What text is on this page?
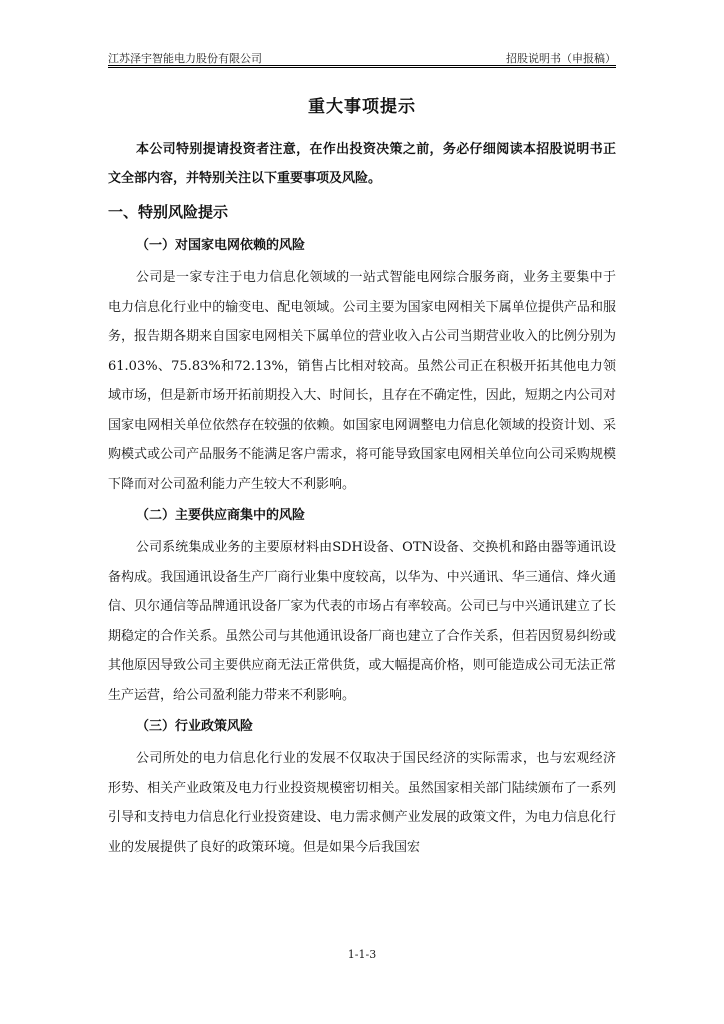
江苏泽宇智能电力股份有限公司	招股说明书（申报稿）
重大事项提示

本公司特别提请投资者注意，在作出投资决策之前，务必仔细阅读本招股说明书正文全部内容，并特别关注以下重要事项及风险。

一、特别风险提示
（一）对国家电网依赖的风险

公司是一家专注于电力信息化领域的一站式智能电网综合服务商，业务主要集中于电力信息化行业中的输变电、配电领域。公司主要为国家电网相关下属单位提供产品和服务，报告期各期来自国家电网相关下属单位的营业收入占公司当期营业收入的比例分别为61.03%、75.83%和72.13%，销售占比相对较高。虽然公司正在积极开拓其他电力领域市场，但是新市场开拓前期投入大、时间长，且存在不确定性，因此，短期之内公司对国家电网相关单位依然存在较强的依赖。如国家电网调整电力信息化领域的投资计划、采购模式或公司产品服务不能满足客户需求，将可能导致国家电网相关单位向公司采购规模下降而对公司盈利能力产生较大不利影响。

（二）主要供应商集中的风险

公司系统集成业务的主要原材料由SDH设备、OTN设备、交换机和路由器等通讯设备构成。我国通讯设备生产厂商行业集中度较高，以华为、中兴通讯、华三通信、烽火通信、贝尔通信等品牌通讯设备厂家为代表的市场占有率较高。公司已与中兴通讯建立了长期稳定的合作关系。虽然公司与其他通讯设备厂商也建立了合作关系，但若因贸易纠纷或其他原因导致公司主要供应商无法正常供货，或大幅提高价格，则可能造成公司无法正常生产运营，给公司盈利能力带来不利影响。

（三）行业政策风险

公司所处的电力信息化行业的发展不仅取决于国民经济的实际需求，也与宏观经济形势、相关产业政策及电力行业投资规模密切相关。虽然国家相关部门陆续颁布了一系列引导和支持电力信息化行业投资建设、电力需求侧产业发展的政策文件，为电力信息化行业的发展提供了良好的政策环境。但是如果今后我国宏

1-1-3
